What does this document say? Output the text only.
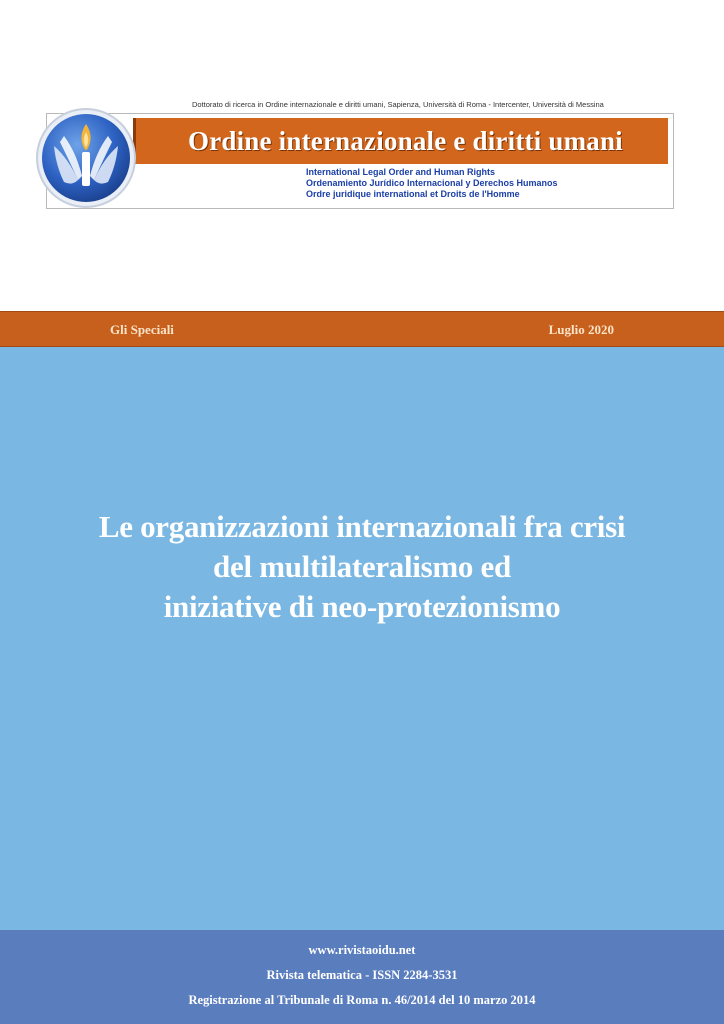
Dottorato di ricerca in Ordine internazionale e diritti umani, Sapienza, Università di Roma - Intercenter, Università di Messina
Ordine internazionale e diritti umani
International Legal Order and Human Rights
Ordenamiento Jurídico Internacional y Derechos Humanos
Ordre juridique international et Droits de l'Homme
Gli Speciali	Luglio 2020
Le organizzazioni internazionali fra crisi
del multilateralismo ed
iniziative di neo-protezionismo
www.rivistaoidu.net
Rivista telematica - ISSN 2284-3531
Registrazione al Tribunale di Roma n. 46/2014 del 10 marzo 2014
